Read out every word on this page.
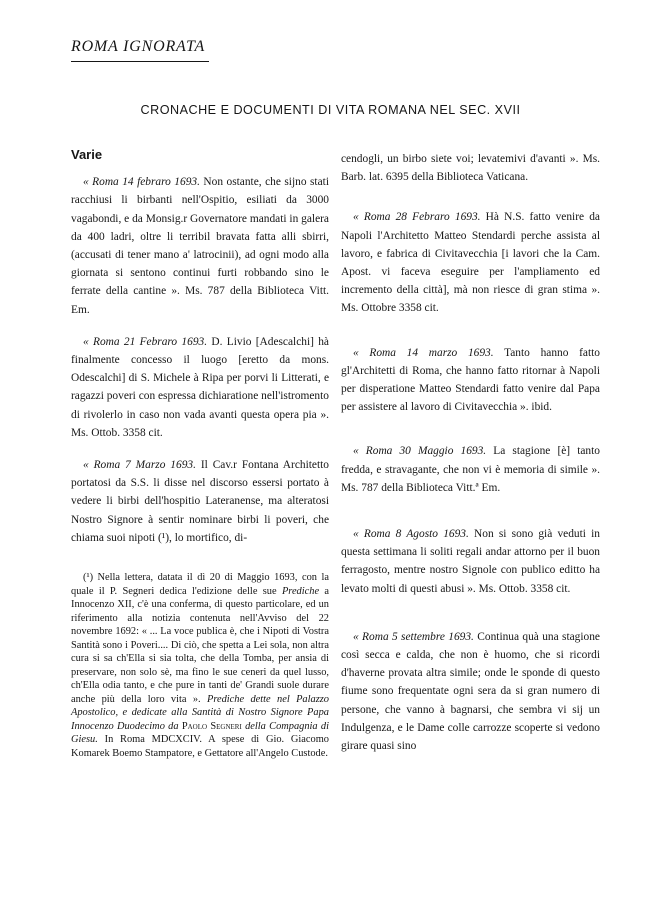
ROMA IGNORATA
CRONACHE E DOCUMENTI DI VITA ROMANA NEL SEC. XVII
Varie

« Roma 14 febraro 1693. Non ostante, che sijno stati racchiusi li birbanti nell'Ospitio, esiliati da 3000 vagabondi, e da Monsig.r Governatore mandati in galera da 400 ladri, oltre li terribil bravata fatta alli sbirri, (accusati di tener mano a' latrocinii), ad ogni modo alla giornata si sentono continui furti robbando sino le ferrate della cantine ». Ms. 787 della Biblioteca Vitt. Em.

« Roma 21 Febraro 1693. D. Livio [Adescalchi] hà finalmente concesso il luogo [eretto da mons. Odescalchi] di S. Michele à Ripa per porvi li Litterati, e ragazzi poveri con espressa dichiaratione nell'istromento di rivolerlo in caso non vada avanti questa opera pia ». Ms. Ottob. 3358 cit.

« Roma 7 Marzo 1693. Il Cav.r Fontana Architetto portatosi da S.S. li disse nel discorso essersi portato à vedere li birbi dell'hospitio Lateranense, ma alteratosi Nostro Signore à sentir nominare birbi li poveri, che chiama suoi nipoti (¹), lo mortifico, di-

(¹) Nella lettera, datata il dì 20 di Maggio 1693, con la quale il P. Segneri dedica l'edizione delle sue Prediche a Innocenzo XII, c'è una conferma, di questo particolare, ed un riferimento alla notizia contenuta nell'Avviso del 22 novembre 1692: « ... La voce publica è, che i Nipoti di Vostra Santità sono i Poveri.... Di ciò, che spetta a Lei sola, non altra cura si sa ch'Ella si sia tolta, che della Tomba, per ansia di preservare, non solo sè, ma fino le sue ceneri da quel lusso, ch'Ella odia tanto, e che pure in tanti de' Grandi suole durare anche più della loro vita ». Prediche dette nel Palazzo Apostolico, e dedicate alla Santità di Nostro Signore Papa Innocenzo Duodecimo da Paolo Segneri della Compagnia di Giesu. In Roma MDCXCIV. A spese di Gio. Giacomo Komarek Boemo Stampatore, e Gettatore all'Angelo Custode.

cendogli, un birbo siete voi; levatemivi d'avanti ». Ms. Barb. lat. 6395 della Biblioteca Vaticana.

« Roma 28 Febraro 1693. Hà N.S. fatto venire da Napoli l'Architetto Matteo Stendardi perche assista al lavoro, e fabrica di Civitavecchia [i lavori che la Cam. Apost. vi faceva eseguire per l'ampliamento ed incremento della città], mà non riesce di gran stima ». Ms. Ottobre 3358 cit.

« Roma 14 marzo 1693. Tanto hanno fatto gl'Architetti di Roma, che hanno fatto ritornar à Napoli per disperatione Matteo Stendardi fatto venire dal Papa per assistere al lavoro di Civitavecchia ». ibid.

« Roma 30 Maggio 1693. La stagione [è] tanto fredda, e stravagante, che non vi è memoria di simile ». Ms. 787 della Biblioteca Vitt.ª Em.

« Roma 8 Agosto 1693. Non si sono già veduti in questa settimana li soliti regali andar attorno per il buon ferragosto, mentre nostro Signole con publico editto ha levato molti di questi abusi ». Ms. Ottob. 3358 cit.

« Roma 5 settembre 1693. Continua quà una stagione così secca e calda, che non è huomo, che si ricordi d'haverne provata altra simile; onde le sponde di questo fiume sono frequentate ogni sera da si gran numero di persone, che vanno à bagnarsi, che sembra vi sij un Indulgenza, e le Dame colle carrozze scoperte si vedono girare quasi sino
